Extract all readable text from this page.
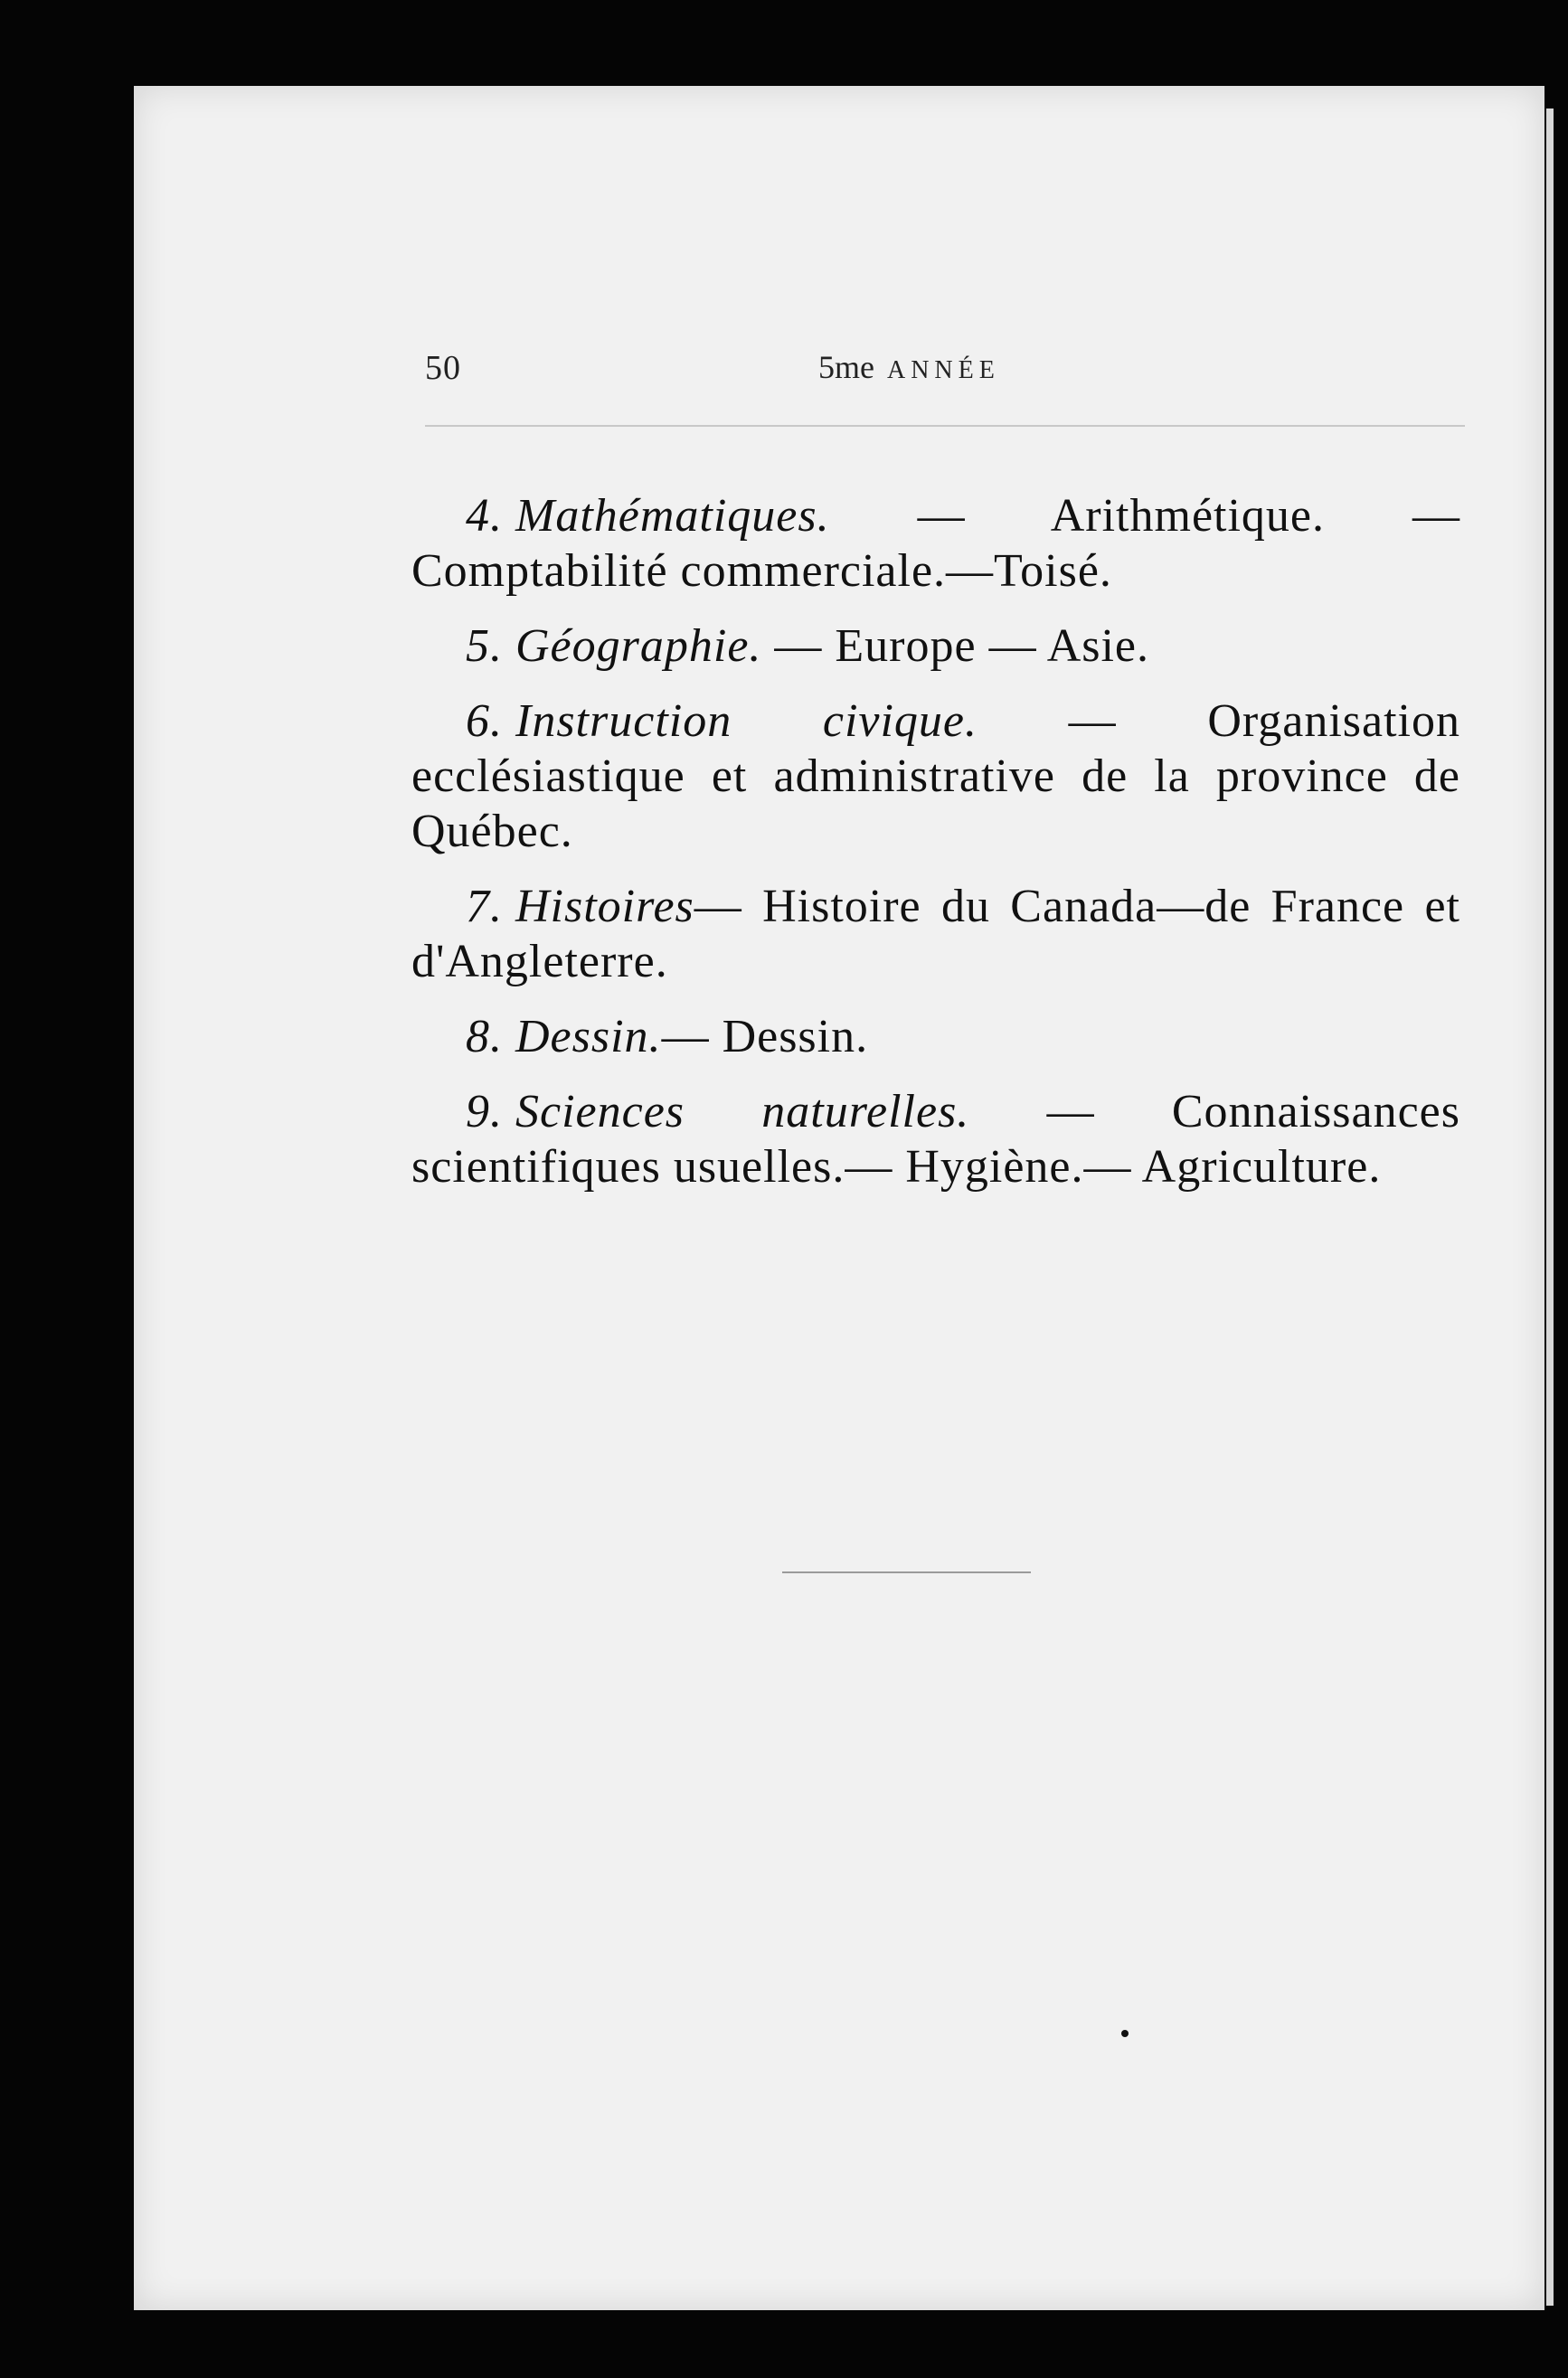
50	5me ANNÉE

4. Mathématiques. — Arithmétique. — Comptabilité commerciale.—Toisé.

5. Géographie. — Europe — Asie.

6. Instruction civique. — Organisation ecclésiastique et administrative de la province de Québec.

7. Histoires— Histoire du Canada—de France et d'Angleterre.

8. Dessin.— Dessin.

9. Sciences naturelles. — Connaissances scientifiques usuelles.— Hygiène.— Agriculture.
